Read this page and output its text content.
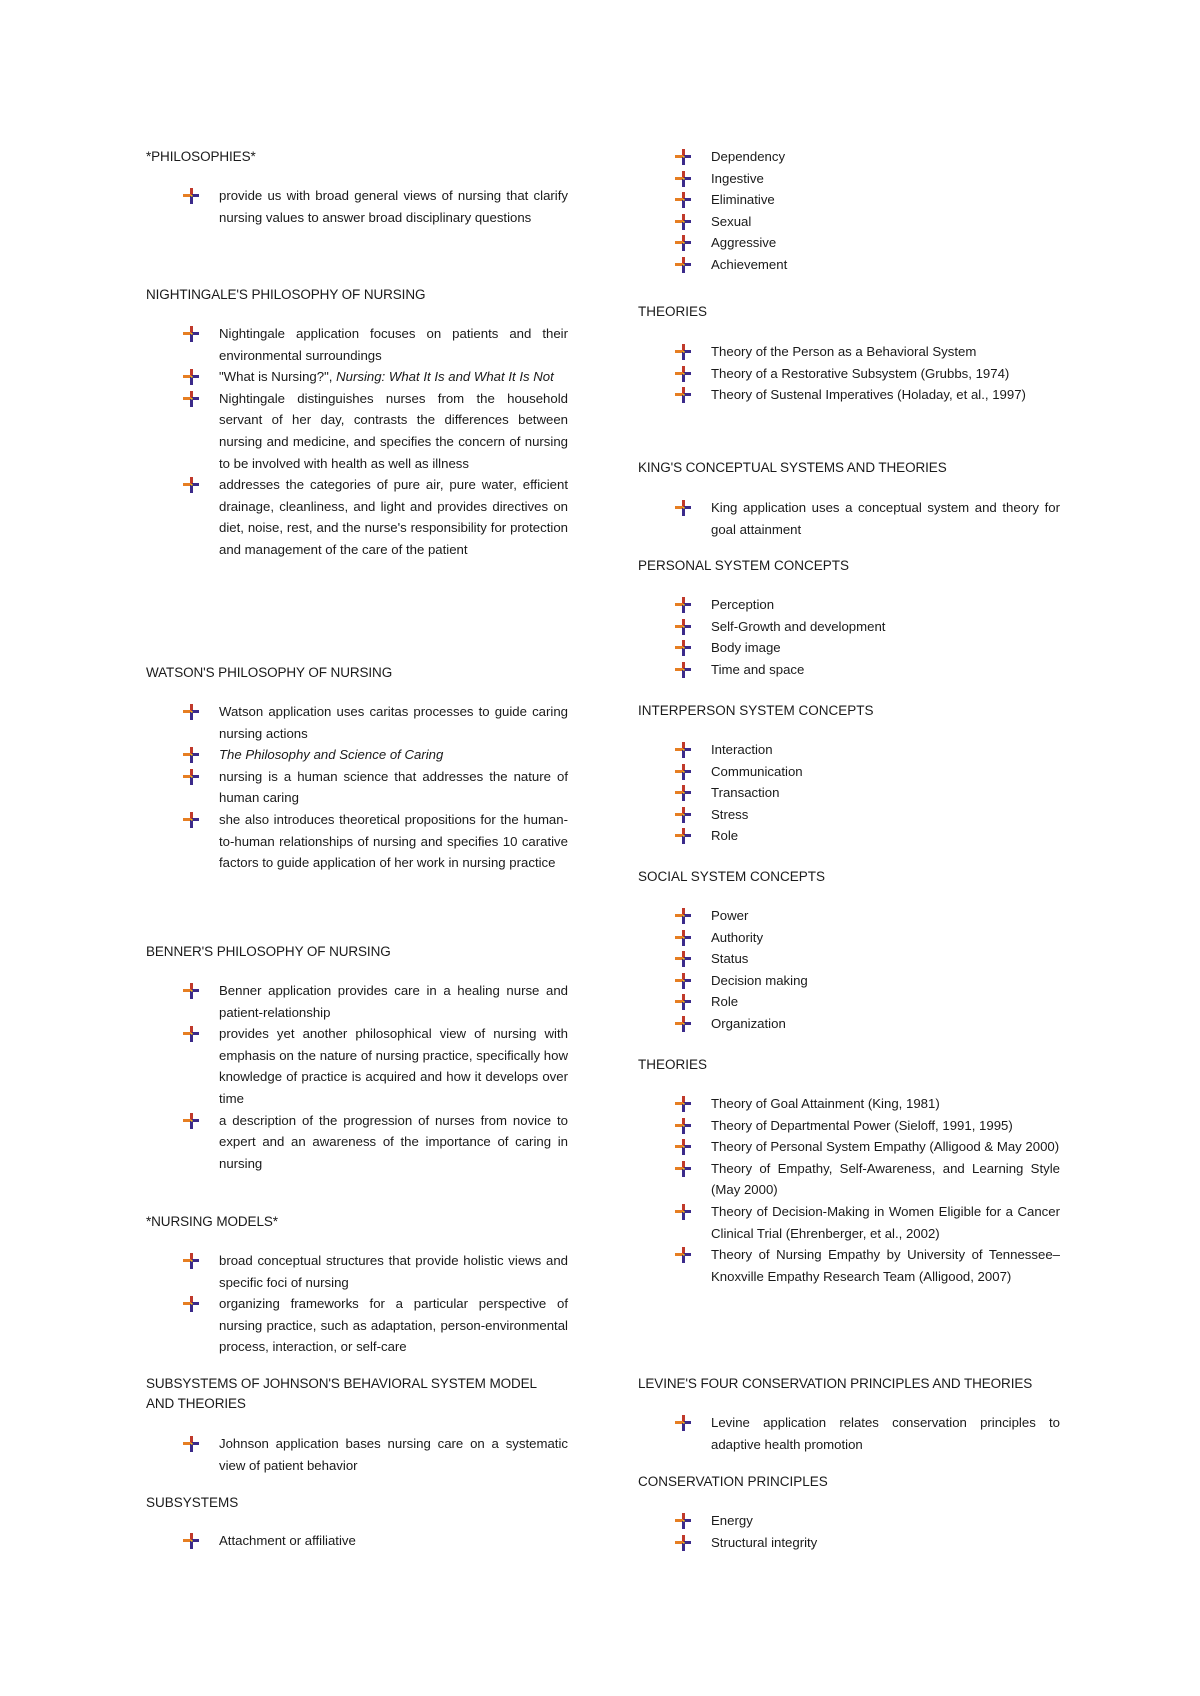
*PHILOSOPHIES*
provide us with broad general views of nursing that clarify nursing values to answer broad disciplinary questions
NIGHTINGALE'S PHILOSOPHY OF NURSING
Nightingale application focuses on patients and their environmental surroundings
"What is Nursing?", Nursing: What It Is and What It Is Not
Nightingale distinguishes nurses from the household servant of her day, contrasts the differences between nursing and medicine, and specifies the concern of nursing to be involved with health as well as illness
addresses the categories of pure air, pure water, efficient drainage, cleanliness, and light and provides directives on diet, noise, rest, and the nurse's responsibility for protection and management of the care of the patient
WATSON'S PHILOSOPHY OF NURSING
Watson application uses caritas processes to guide caring nursing actions
The Philosophy and Science of Caring
nursing is a human science that addresses the nature of human caring
she also introduces theoretical propositions for the human-to-human relationships of nursing and specifies 10 carative factors to guide application of her work in nursing practice
BENNER'S PHILOSOPHY OF NURSING
Benner application provides care in a healing nurse and patient-relationship
provides yet another philosophical view of nursing with emphasis on the nature of nursing practice, specifically how knowledge of practice is acquired and how it develops over time
a description of the progression of nurses from novice to expert and an awareness of the importance of caring in nursing
*NURSING MODELS*
broad conceptual structures that provide holistic views and specific foci of nursing
organizing frameworks for a particular perspective of nursing practice, such as adaptation, person-environmental process, interaction, or self-care
SUBSYSTEMS OF JOHNSON'S BEHAVIORAL SYSTEM MODEL AND THEORIES
Johnson application bases nursing care on a systematic view of patient behavior
SUBSYSTEMS
Attachment or affiliative
Dependency
Ingestive
Eliminative
Sexual
Aggressive
Achievement
THEORIES
Theory of the Person as a Behavioral System
Theory of a Restorative Subsystem (Grubbs, 1974)
Theory of Sustenal Imperatives (Holaday, et al., 1997)
KING'S CONCEPTUAL SYSTEMS AND THEORIES
King application uses a conceptual system and theory for goal attainment
PERSONAL SYSTEM CONCEPTS
Perception
Self-Growth and development
Body image
Time and space
INTERPERSON SYSTEM CONCEPTS
Interaction
Communication
Transaction
Stress
Role
SOCIAL SYSTEM CONCEPTS
Power
Authority
Status
Decision making
Role
Organization
THEORIES
Theory of Goal Attainment (King, 1981)
Theory of Departmental Power (Sieloff, 1991, 1995)
Theory of Personal System Empathy (Alligood & May 2000)
Theory of Empathy, Self-Awareness, and Learning Style (May 2000)
Theory of Decision-Making in Women Eligible for a Cancer Clinical Trial (Ehrenberger, et al., 2002)
Theory of Nursing Empathy by University of Tennessee–Knoxville Empathy Research Team (Alligood, 2007)
LEVINE'S FOUR CONSERVATION PRINCIPLES AND THEORIES
Levine application relates conservation principles to adaptive health promotion
CONSERVATION PRINCIPLES
Energy
Structural integrity
